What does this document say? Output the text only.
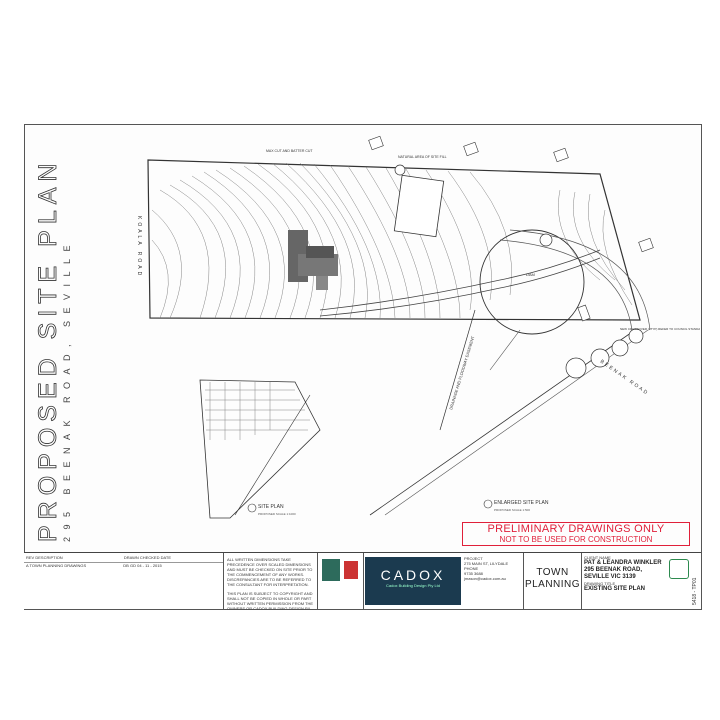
PROPOSED SITE PLAN 295 BEENAK ROAD, SEVILLE	DAM
KOALA ROAD
BEENAK ROAD
DRAINAGE AND FLOODWAY EASEMENT
MAX CUT AND BATTER CUT
NATURAL AREA OF SITE FILL
NEW CROSSOVER (2TYP) REFER TO COUNCIL STANDARDS
SITE PLAN
PROPOSED SCALE 1:1000
ENLARGED SITE PLAN
PROPOSED SCALE 1:500
PRELIMINARY DRAWINGS ONLY
NOT TO BE USED FOR CONSTRUCTION
REV DESCRIPTION	DRAWN CHECKED DATE
A TOWN PLANNING DRAWINGS	DB GD 04 - 11 - 2015
ALL WRITTEN DIMENSIONS TAKE PRECEDENCE OVER SCALED DIMENSIONS AND MUST BE CHECKED ON SITE PRIOR TO THE COMMENCEMENT OF ANY WORKS. DISCREPANCIES ARE TO BE REFERRED TO THE CONSULTANT FOR INTERPRETATION.
THIS PLAN IS SUBJECT TO COPYRIGHT AND SHALL NOT BE COPIED IN WHOLE OR PART WITHOUT WRITTEN PERMISSION FROM THE OWNERS OR CADOX BUILDING DESIGN P/L
CADOX
Cadox Building Design Pty Ltd
PROJECT
275 MAIN ST, LILYDALE
PHONE
9735 3688
jmason@cadox.com.au
TOWN PLANNING
CLIENT NAME
PAT & LEANDRA WINKLER
295 BEENAK ROAD,
SEVILLE VIC 3139
DRAWING TITLE
EXISTING SITE PLAN	5418 - TP01
